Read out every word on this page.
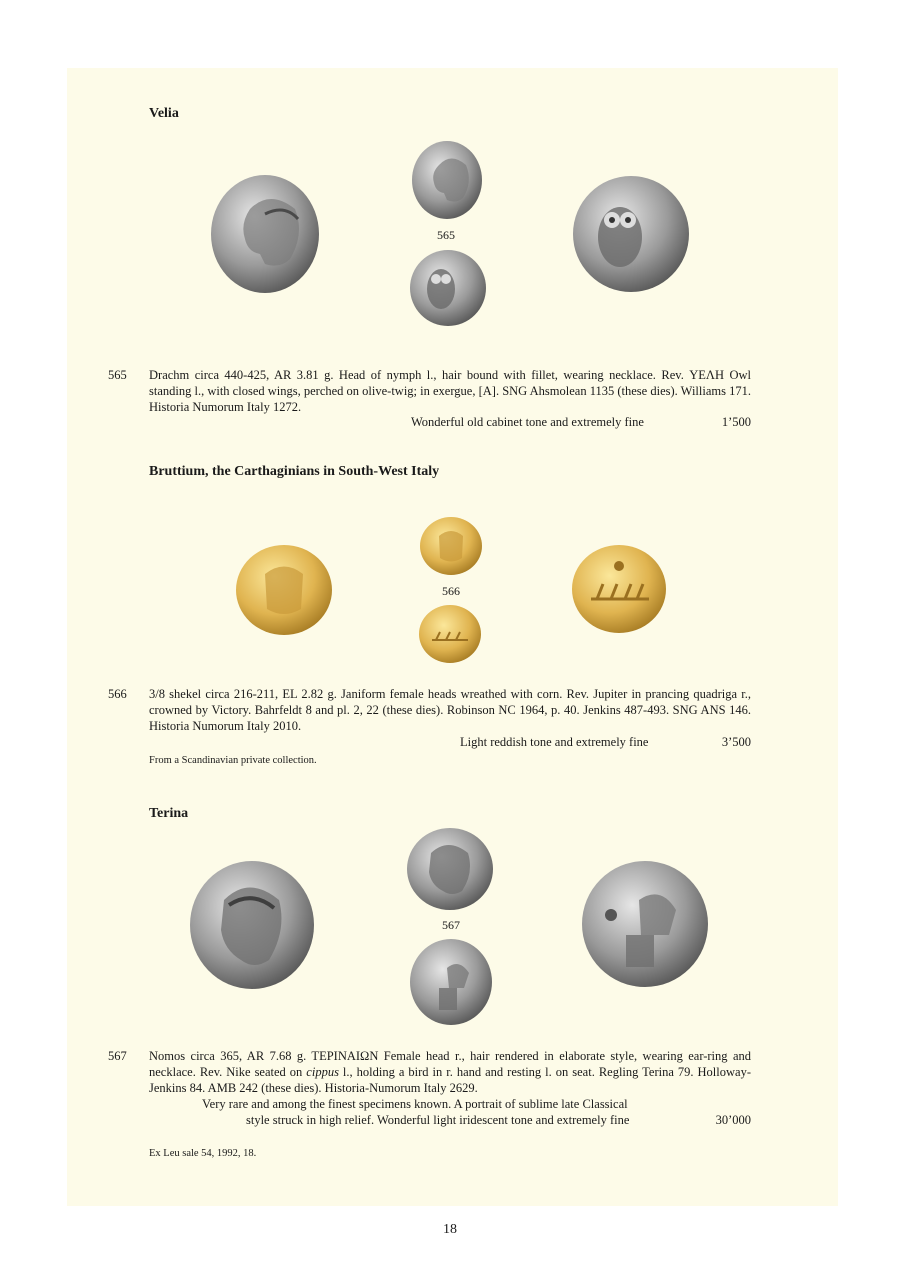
Velia
565
565 Drachm circa 440-425, AR 3.81 g. Head of nymph l., hair bound with fillet, wearing necklace. Rev. ΥΕΛΗ Owl standing l., with closed wings, perched on olive-twig; in exergue, [A]. SNG Ahsmolean 1135 (these dies). Williams 171. Historia Numorum Italy 1272.
Wonderful old cabinet tone and extremely fine	1’500
Bruttium, the Carthaginians in South-West Italy
566
566 3/8 shekel circa 216-211, EL 2.82 g. Janiform female heads wreathed with corn. Rev. Jupiter in prancing quadriga r., crowned by Victory. Bahrfeldt 8 and pl. 2, 22 (these dies). Robinson NC 1964, p. 40. Jenkins 487-493. SNG ANS 146. Historia Numorum Italy 2010.
Light reddish tone and extremely fine	3’500
From a Scandinavian private collection.
Terina
567
567 Nomos circa 365, AR 7.68 g. TEPINAIΩN Female head r., hair rendered in elaborate style, wearing ear-ring and necklace. Rev. Nike seated on cippus l., holding a bird in r. hand and resting l. on seat. Regling Terina 79. Holloway-Jenkins 84. AMB 242 (these dies). Historia-Numorum Italy 2629.
Very rare and among the finest specimens known. A portrait of sublime late Classical
style struck in high relief. Wonderful light iridescent tone and extremely fine	30’000
Ex Leu sale 54, 1992, 18.
18
